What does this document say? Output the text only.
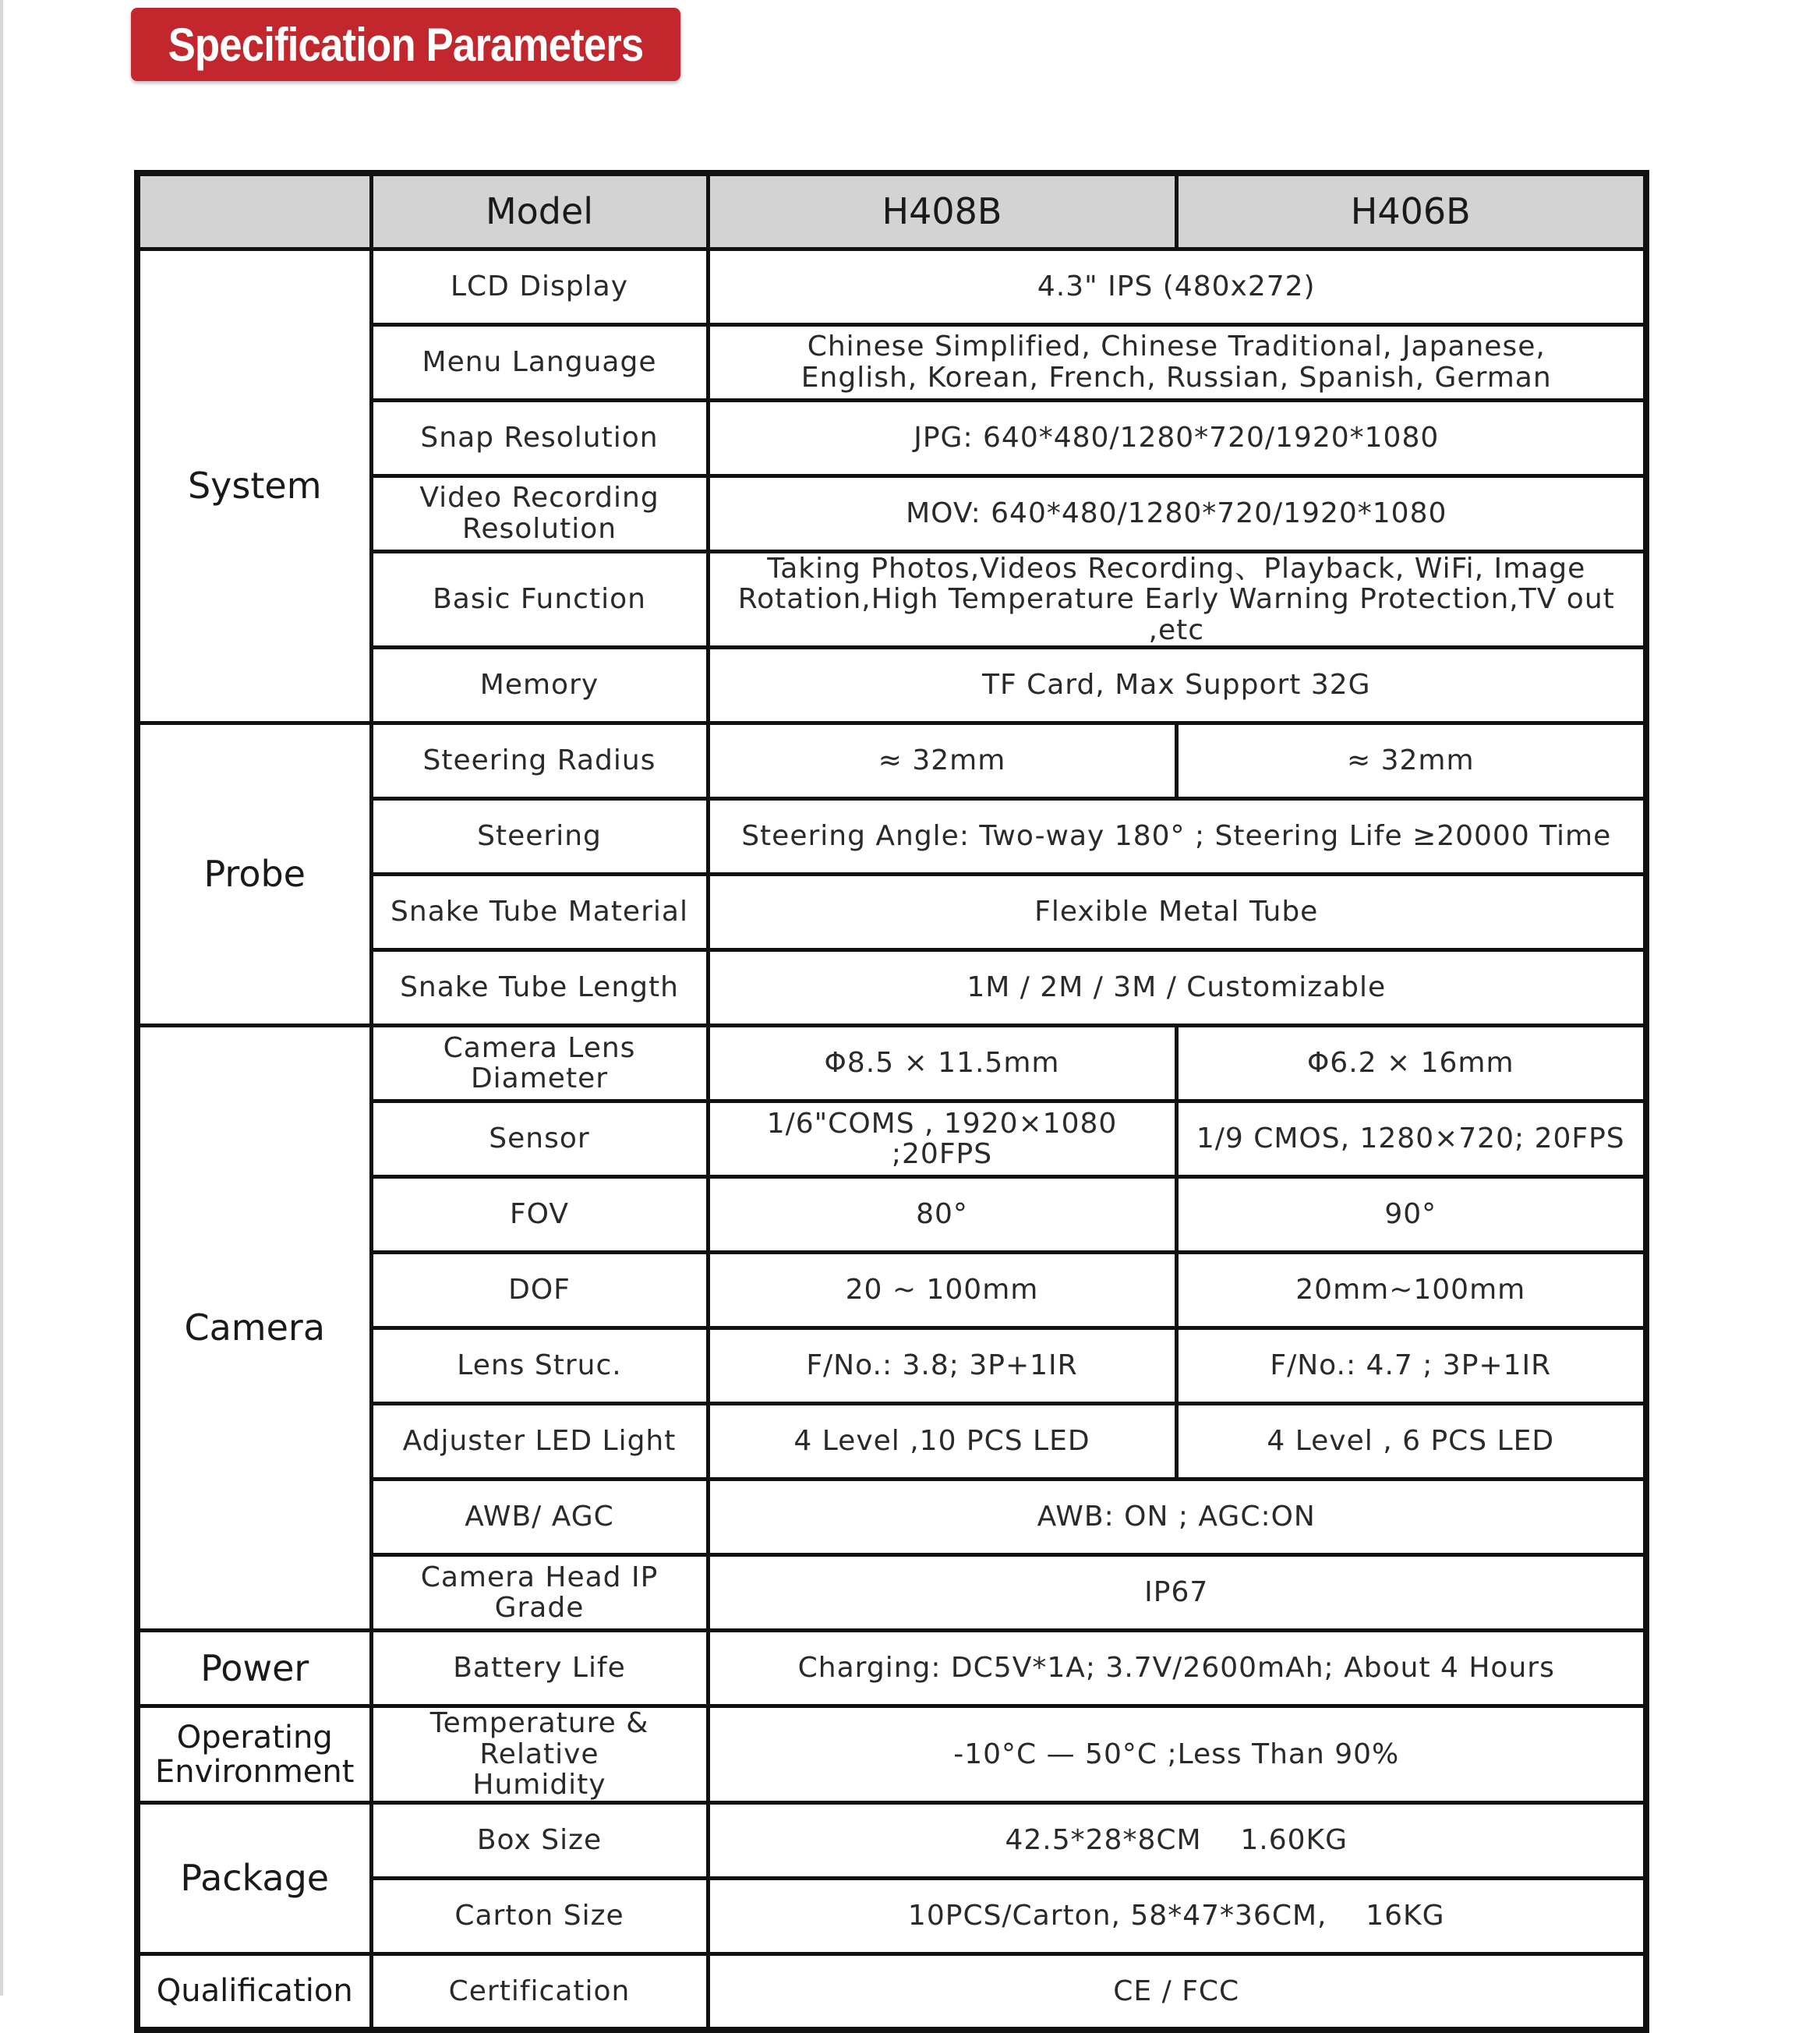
Specification Parameters
	Model	H408B	H406B
System	LCD Display	4.3" IPS (480x272)	
	Menu Language	Chinese Simplified, Chinese Traditional, Japanese, English, Korean, French, Russian, Spanish, German	
	Snap Resolution	JPG: 640*480/1280*720/1920*1080	
	Video Recording Resolution	MOV: 640*480/1280*720/1920*1080	
	Basic Function	Taking Photos,Videos Recording、Playback, WiFi, Image Rotation,High Temperature Early Warning Protection,TV out ,etc	
	Memory	TF Card, Max Support 32G	
Probe	Steering Radius	≈ 32mm	≈ 32mm
	Steering	Steering Angle: Two-way 180° ; Steering Life ≥20000 Time	
	Snake Tube Material	Flexible Metal Tube	
	Snake Tube Length	1M / 2M / 3M / Customizable	
Camera	Camera Lens Diameter	Φ8.5 × 11.5mm	Φ6.2 × 16mm
	Sensor	1/6"COMS , 1920×1080 ;20FPS	1/9 CMOS, 1280×720; 20FPS
	FOV	80°	90°
	DOF	20 ~ 100mm	20mm~100mm
	Lens Struc.	F/No.: 3.8; 3P+1IR	F/No.: 4.7 ; 3P+1IR
	Adjuster LED Light	4 Level ,10 PCS LED	4 Level , 6 PCS LED
	AWB/ AGC	AWB: ON ; AGC:ON	
	Camera Head IP Grade	IP67	
Power	Battery Life	Charging: DC5V*1A; 3.7V/2600mAh; About 4 Hours	
Operating Environment	Temperature & Relative Humidity	-10°C — 50°C ;Less Than 90%	
Package	Box Size	42.5*28*8CM    1.60KG	
	Carton Size	10PCS/Carton, 58*47*36CM,    16KG	
Qualification	Certification	CE / FCC	
